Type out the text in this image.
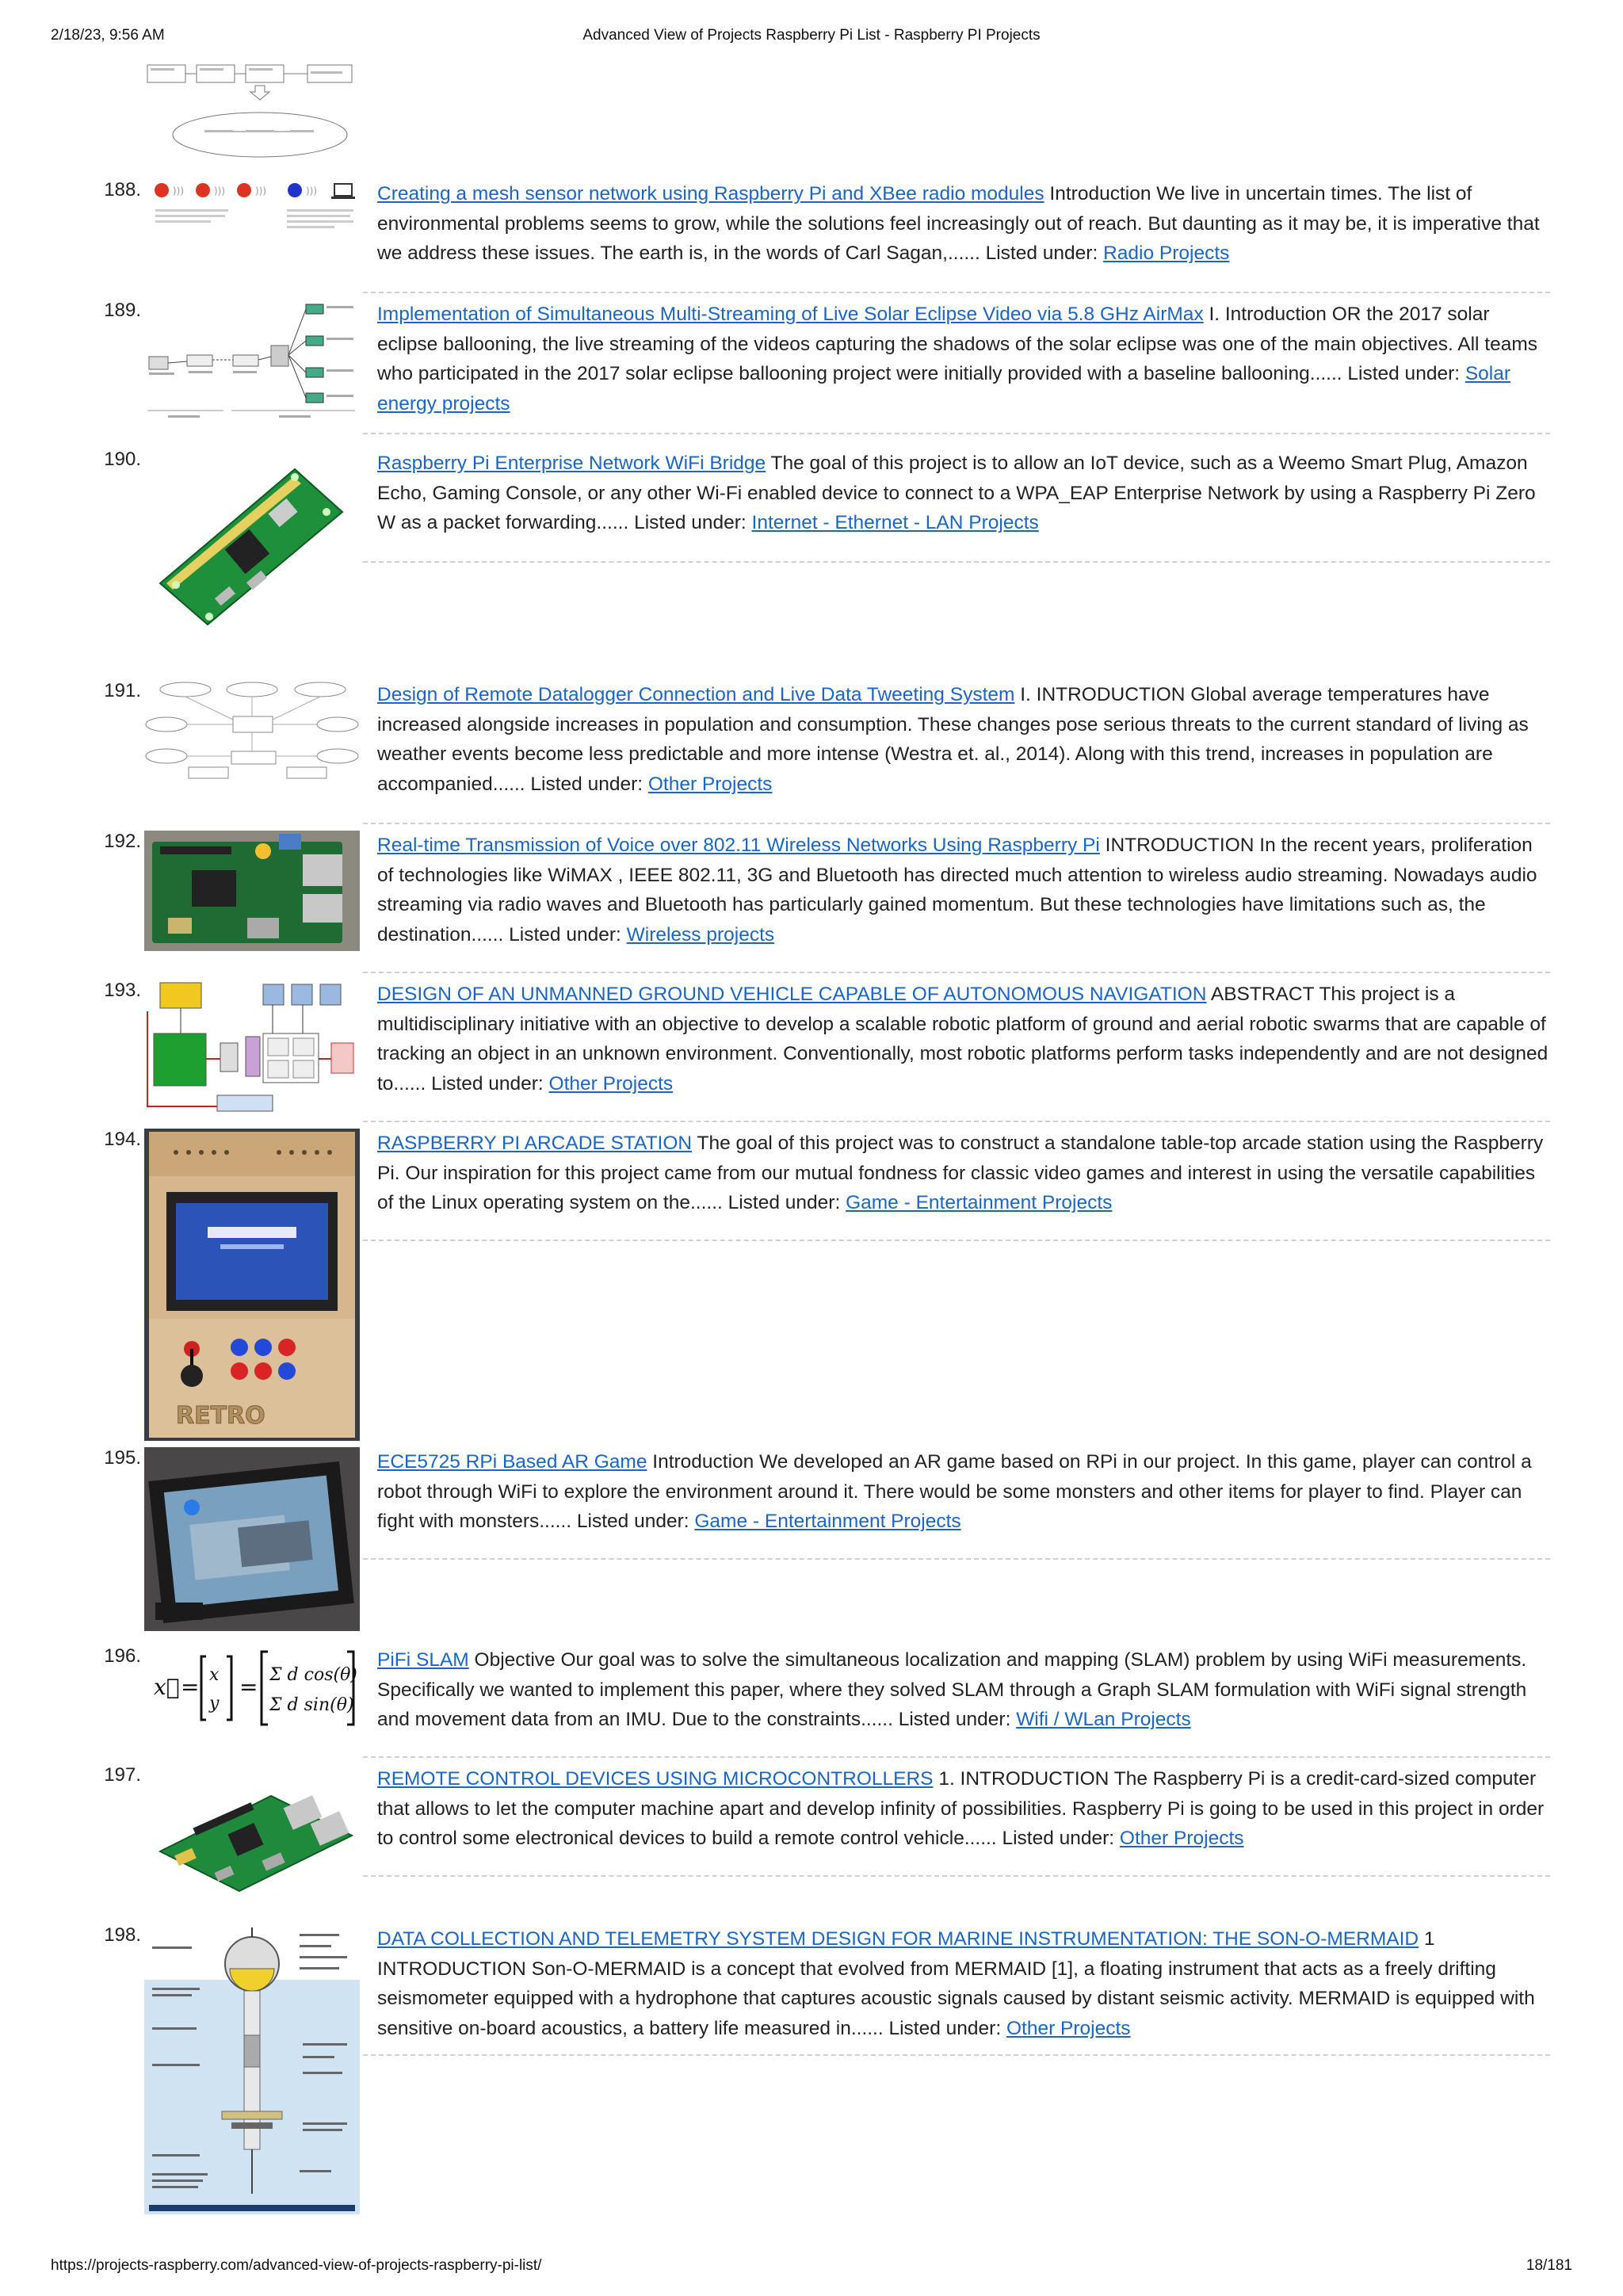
2/18/23, 9:56 AM	Advanced View of Projects Raspberry Pi List - Raspberry PI Projects
188.	)))	)))	)))	)))	Creating a mesh sensor network using Raspberry Pi and XBee radio modules Introduction We live in uncertain times. The list of environmental problems seems to grow, while the solutions feel increasingly out of reach. But daunting as it may be, it is imperative that we address these issues. The earth is, in the words of Carl Sagan,...... Listed under: Radio Projects
189.	Implementation of Simultaneous Multi-Streaming of Live Solar Eclipse Video via 5.8 GHz AirMax I. Introduction OR the 2017 solar eclipse ballooning, the live streaming of the videos capturing the shadows of the solar eclipse was one of the main objectives. All teams who participated in the 2017 solar eclipse ballooning project were initially provided with a baseline ballooning...... Listed under: Solar energy projects
190.	Raspberry Pi Enterprise Network WiFi Bridge The goal of this project is to allow an IoT device, such as a Weemo Smart Plug, Amazon Echo, Gaming Console, or any other Wi-Fi enabled device to connect to a WPA_EAP Enterprise Network by using a Raspberry Pi Zero W as a packet forwarding...... Listed under: Internet - Ethernet - LAN Projects
191.	Design of Remote Datalogger Connection and Live Data Tweeting System I. INTRODUCTION Global average temperatures have increased alongside increases in population and consumption. These changes pose serious threats to the current standard of living as weather events become less predictable and more intense (Westra et. al., 2014). Along with this trend, increases in population are accompanied...... Listed under: Other Projects
192.	Real-time Transmission of Voice over 802.11 Wireless Networks Using Raspberry Pi INTRODUCTION In the recent years, proliferation of technologies like WiMAX , IEEE 802.11, 3G and Bluetooth has directed much attention to wireless audio streaming. Nowadays audio streaming via radio waves and Bluetooth has particularly gained momentum. But these technologies have limitations such as, the destination...... Listed under: Wireless projects
193.	DESIGN OF AN UNMANNED GROUND VEHICLE CAPABLE OF AUTONOMOUS NAVIGATION ABSTRACT This project is a multidisciplinary initiative with an objective to develop a scalable robotic platform of ground and aerial robotic swarms that are capable of tracking an object in an unknown environment. Conventionally, most robotic platforms perform tasks independently and are not designed to...... Listed under: Other Projects
194.
RETRO
RASPBERRY PI ARCADE STATION The goal of this project was to construct a standalone table-top arcade station using the Raspberry Pi. Our inspiration for this project came from our mutual fondness for classic video games and interest in using the versatile capabilities of the Linux operating system on the...... Listed under: Game - Entertainment Projects
195.	ECE5725 RPi Based AR Game Introduction We developed an AR game based on RPi in our project. In this game, player can control a robot through WiFi to explore the environment around it. There would be some monsters and other items for player to find. Player can fight with monsters...... Listed under: Game - Entertainment Projects
196.
x⃗ = x
y
= Σ d cos(θ)
Σ d sin(θ)
PiFi SLAM Objective Our goal was to solve the simultaneous localization and mapping (SLAM) problem by using WiFi measurements. Specifically we wanted to implement this paper, where they solved SLAM through a Graph SLAM formulation with WiFi signal strength and movement data from an IMU. Due to the constraints...... Listed under: Wifi / WLan Projects
197.	REMOTE CONTROL DEVICES USING MICROCONTROLLERS 1. INTRODUCTION The Raspberry Pi is a credit-card-sized computer that allows to let the computer machine apart and develop infinity of possibilities. Raspberry Pi is going to be used in this project in order to control some electronical devices to build a remote control vehicle...... Listed under: Other Projects
198.	DATA COLLECTION AND TELEMETRY SYSTEM DESIGN FOR MARINE INSTRUMENTATION: THE SON-O-MERMAID 1 INTRODUCTION Son-O-MERMAID is a concept that evolved from MERMAID [1], a floating instrument that acts as a freely drifting seismometer equipped with a hydrophone that captures acoustic signals caused by distant seismic activity. MERMAID is equipped with sensitive on-board acoustics, a battery life measured in...... Listed under: Other Projects
https://projects-raspberry.com/advanced-view-of-projects-raspberry-pi-list/	18/181
